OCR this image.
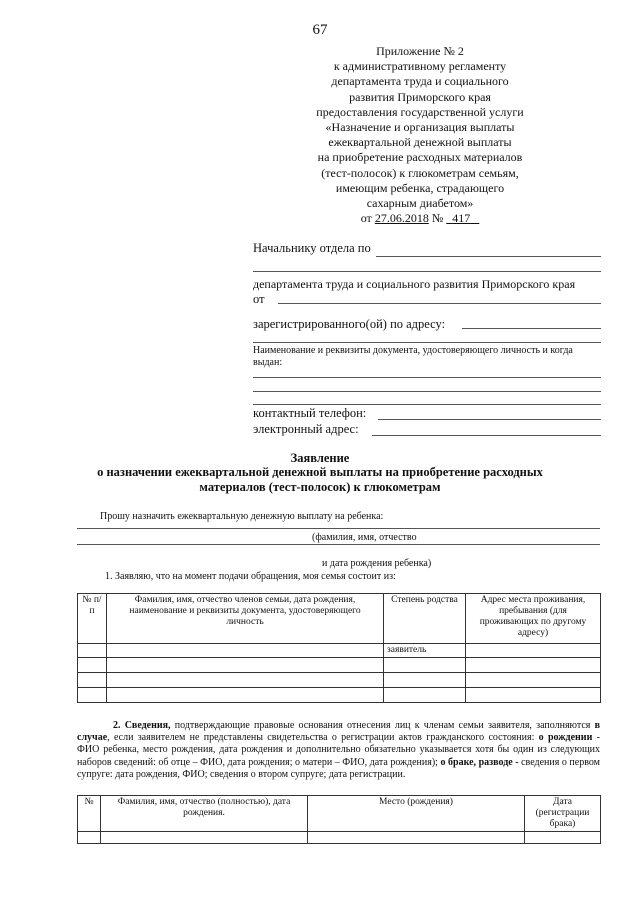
67
Приложение № 2
к административному регламенту
департамента труда и социального
развития Приморского края
предоставления государственной услуги
«Назначение и организация выплаты
ежеквартальной денежной выплаты
на приобретение расходных материалов
(тест-полосок) к глюкометрам семьям,
имеющим ребенка, страдающего
сахарным диабетом»
от 27.06.2018 № 417
Начальнику отдела по
департамента труда и социального развития Приморского края
от
зарегистрированного(ой) по адресу:
Наименование и реквизиты документа, удостоверяющего личность и когда выдан:
контактный телефон:
электронный адрес:
Заявление
о назначении ежеквартальной денежной выплаты на приобретение расходных
материалов (тест-полосок) к глюкометрам
Прошу назначить ежеквартальную денежную выплату на ребенка:
(фамилия, имя, отчество
и дата рождения ребенка)
1. Заявляю, что на момент подачи обращения, моя семья состоит из:
№ п/п	Фамилия, имя, отчество членов семьи, дата рождения, наименование и реквизиты документа, удостоверяющего личность	Степень родства	Адрес места проживания, пребывания (для проживающих по другому адресу)
		заявитель	

2. Сведения, подтверждающие правовые основания отнесения лиц к членам семьи заявителя, заполняются в случае, если заявителем не представлены свидетельства о регистрации актов гражданского состояния: о рождении - ФИО ребенка, место рождения, дата рождения и дополнительно обязательно указывается хотя бы один из следующих наборов сведений: об отце – ФИО, дата рождения; о матери – ФИО, дата рождения); о браке, разводе - сведения о первом супруге: дата рождения, ФИО; сведения о втором супруге; дата регистрации.
№	Фамилия, имя, отчество (полностью), дата рождения.	Место (рождения)	Дата (регистрации брака)
